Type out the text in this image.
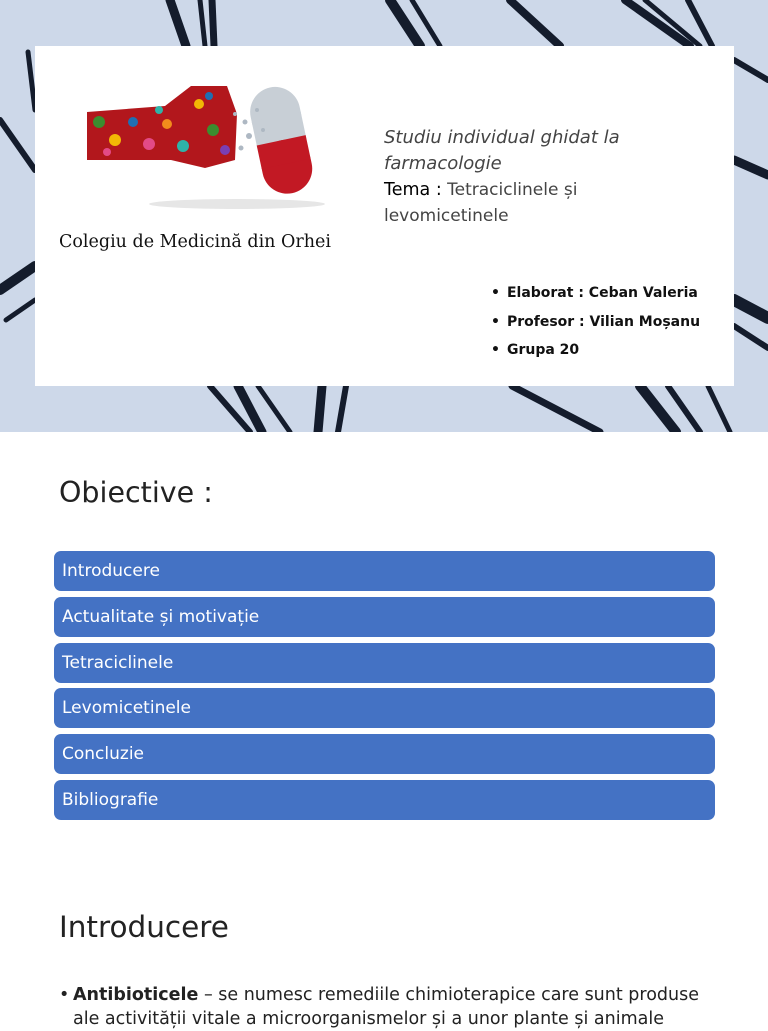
Colegiu de Medicină din Orhei

Studiu individual ghidat la farmacologie

Tema : Tetraciclinele și levomicetinele

• Elaborat : Ceban Valeria
• Profesor : Vilian Moșanu
• Grupa 20
Obiective :
Introducere
Actualitate și motivație
Tetraciclinele
Levomicetinele
Concluzie
Bibliografie
Introducere
• Antibioticele – se numesc remediile chimioterapice care sunt produse ale activității vitale a microorganismelor și a unor plante și animale
